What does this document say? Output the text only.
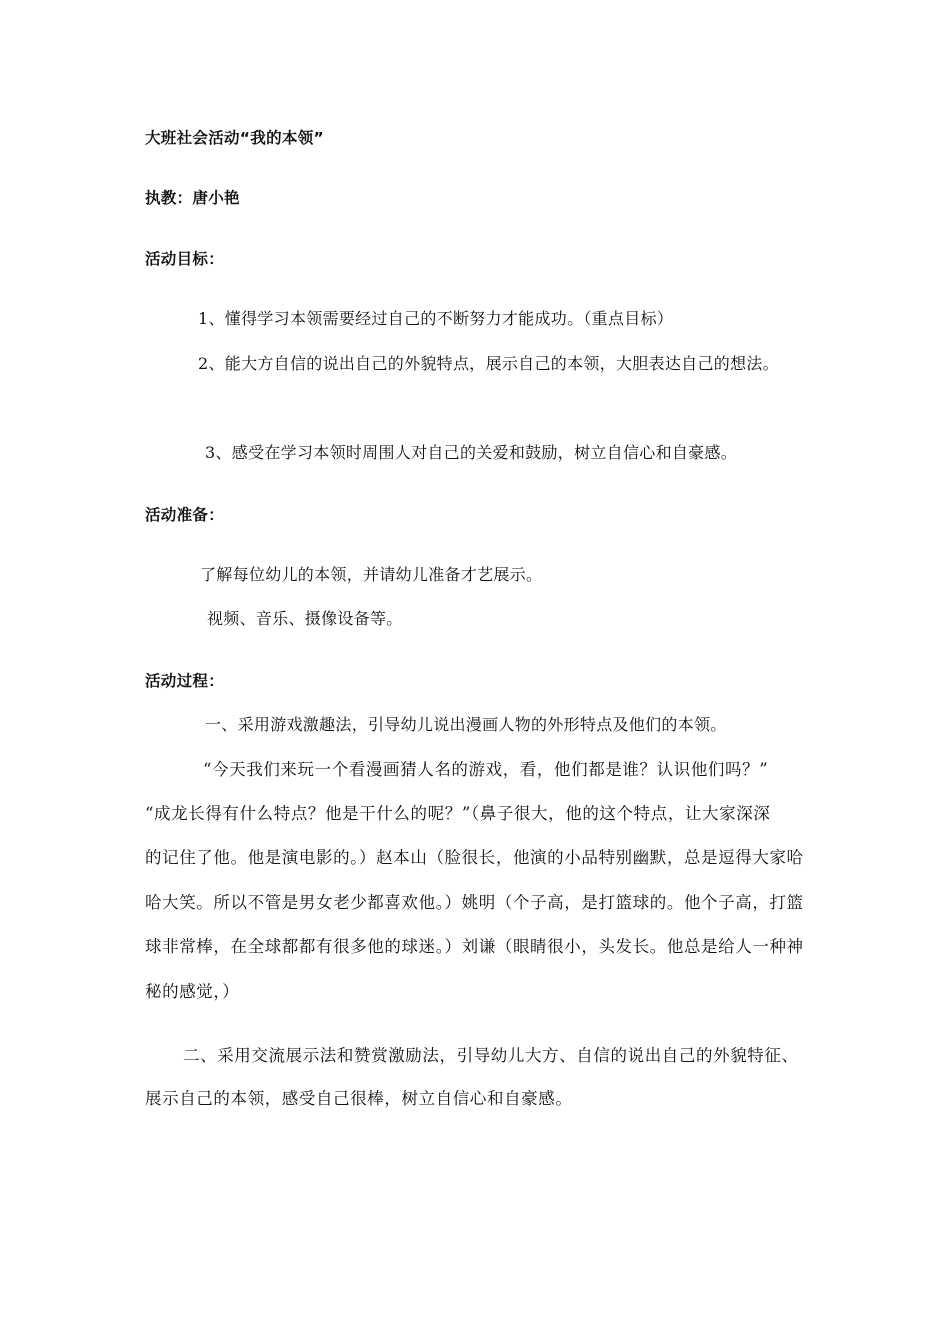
大班社会活动“我的本领”
执教：唐小艳
活动目标：
1、懂得学习本领需要经过自己的不断努力才能成功。（重点目标）
2、能大方自信的说出自己的外貌特点，展示自己的本领，大胆表达自己的想法。
3、感受在学习本领时周围人对自己的关爱和鼓励，树立自信心和自豪感。
活动准备：
了解每位幼儿的本领，并请幼儿准备才艺展示。
视频、音乐、摄像设备等。
活动过程：
一、采用游戏激趣法，引导幼儿说出漫画人物的外形特点及他们的本领。
“今天我们来玩一个看漫画猜人名的游戏，看，他们都是谁？认识他们吗？”
“成龙长得有什么特点？他是干什么的呢？”（鼻子很大，他的这个特点，让大家深深
的记住了他。他是演电影的。）赵本山（脸很长，他演的小品特别幽默，总是逗得大家哈
哈大笑。所以不管是男女老少都喜欢他。）姚明（个子高，是打篮球的。他个子高，打篮
球非常棒，在全球都都有很多他的球迷。）刘谦（眼睛很小，头发长。他总是给人一种神
秘的感觉，）
二、采用交流展示法和赞赏激励法，引导幼儿大方、自信的说出自己的外貌特征、
展示自己的本领，感受自己很棒，树立自信心和自豪感。
